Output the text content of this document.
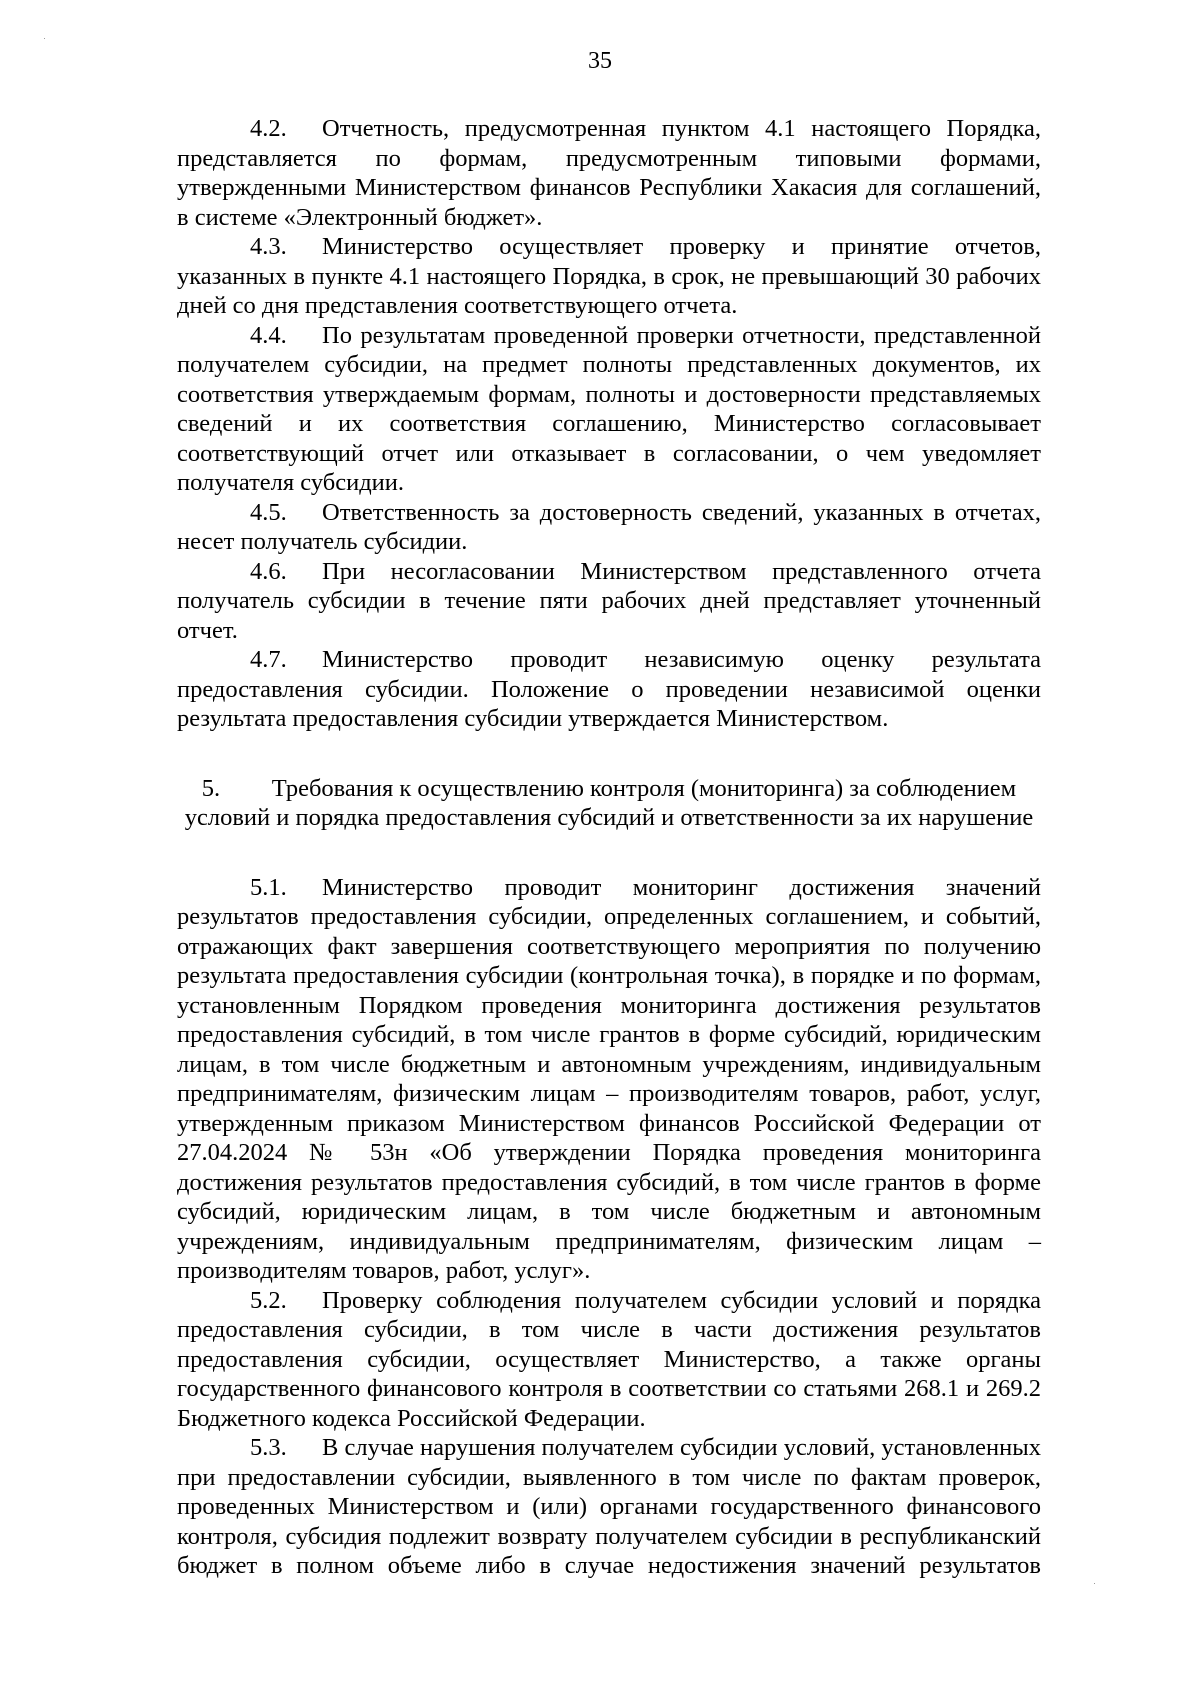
35

4.2. Отчетность, предусмотренная пунктом 4.1 настоящего Порядка, представляется по формам, предусмотренным типовыми формами, утвержденными Министерством финансов Республики Хакасия для соглашений, в системе «Электронный бюджет».

4.3. Министерство осуществляет проверку и принятие отчетов, указанных в пункте 4.1 настоящего Порядка, в срок, не превышающий 30 рабочих дней со дня представления соответствующего отчета.

4.4. По результатам проведенной проверки отчетности, представленной получателем субсидии, на предмет полноты представленных документов, их соответствия утверждаемым формам, полноты и достоверности представляемых сведений и их соответствия соглашению, Министерство согласовывает соответствующий отчет или отказывает в согласовании, о чем уведомляет получателя субсидии.

4.5. Ответственность за достоверность сведений, указанных в отчетах, несет получатель субсидии.

4.6. При несогласовании Министерством представленного отчета получатель субсидии в течение пяти рабочих дней представляет уточненный отчет.

4.7. Министерство проводит независимую оценку результата предоставления субсидии. Положение о проведении независимой оценки результата предоставления субсидии утверждается Министерством.

5. Требования к осуществлению контроля (мониторинга) за соблюдением
условий и порядка предоставления субсидий и ответственности за их нарушение

5.1. Министерство проводит мониторинг достижения значений результатов предоставления субсидии, определенных соглашением, и событий, отражающих факт завершения соответствующего мероприятия по получению результата предоставления субсидии (контрольная точка), в порядке и по формам, установленным Порядком проведения мониторинга достижения результатов предоставления субсидий, в том числе грантов в форме субсидий, юридическим лицам, в том числе бюджетным и автономным учреждениям, индивидуальным предпринимателям, физическим лицам – производителям товаров, работ, услуг, утвержденным приказом Министерством финансов Российской Федерации от 27.04.2024 № 53н «Об утверждении Порядка проведения мониторинга достижения результатов предоставления субсидий, в том числе грантов в форме субсидий, юридическим лицам, в том числе бюджетным и автономным учреждениям, индивидуальным предпринимателям, физическим лицам – производителям товаров, работ, услуг».

5.2. Проверку соблюдения получателем субсидии условий и порядка предоставления субсидии, в том числе в части достижения результатов предоставления субсидии, осуществляет Министерство, а также органы государственного финансового контроля в соответствии со статьями 268.1 и 269.2 Бюджетного кодекса Российской Федерации.

5.3. В случае нарушения получателем субсидии условий, установленных при предоставлении субсидии, выявленного в том числе по фактам проверок, проведенных Министерством и (или) органами государственного финансового контроля, субсидия подлежит возврату получателем субсидии в республиканский бюджет в полном объеме либо в случае недостижения значений результатов
